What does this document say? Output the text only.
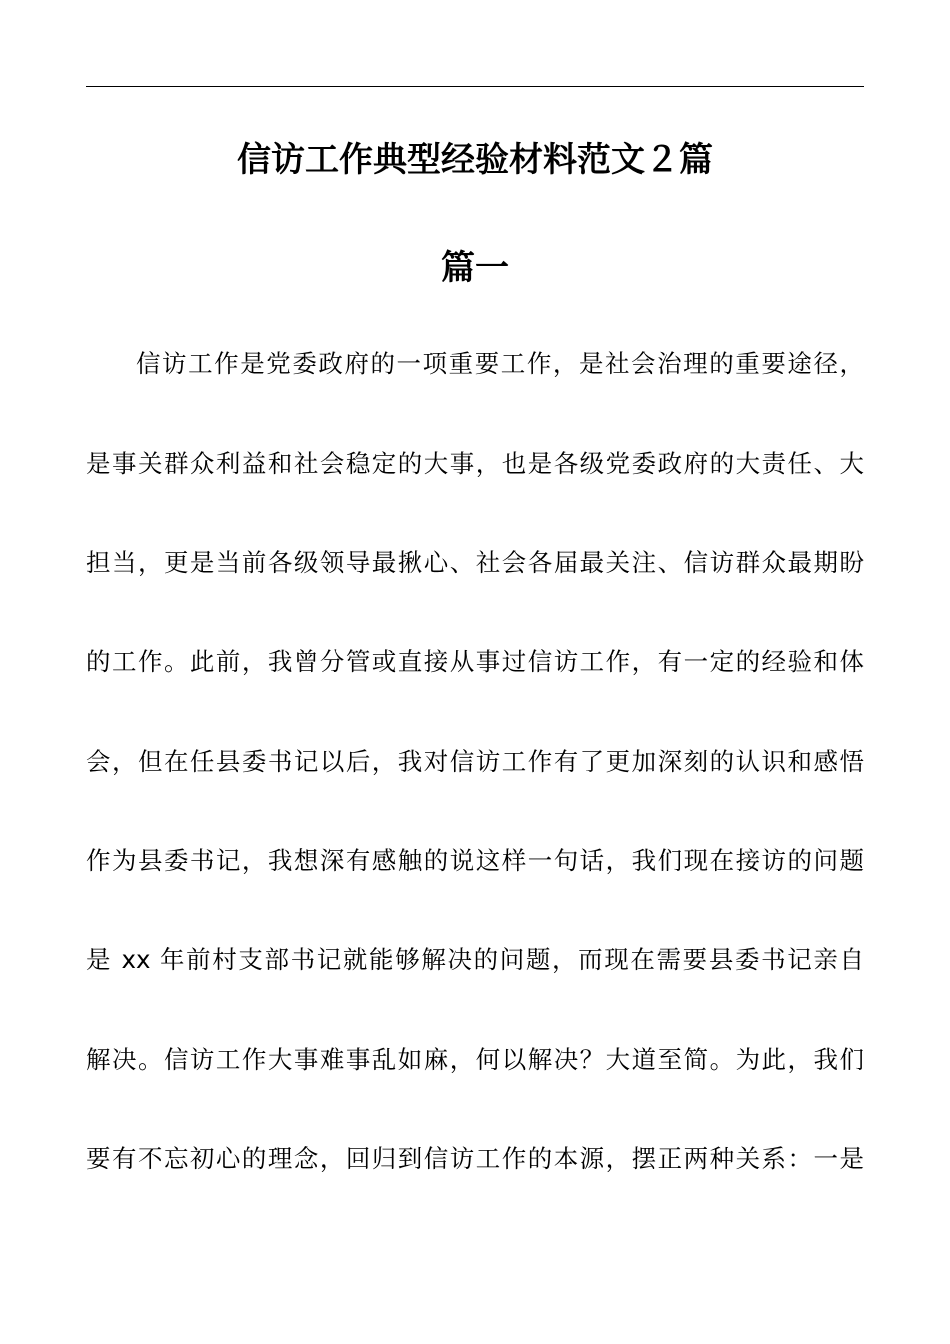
信访工作典型经验材料范文２篇
篇一
信访工作是党委政府的一项重要工作，是社会治理的重要途径，
是事关群众利益和社会稳定的大事，也是各级党委政府的大责任、大
担当，更是当前各级领导最揪心、社会各届最关注、信访群众最期盼
的工作。此前，我曾分管或直接从事过信访工作，有一定的经验和体
会，但在任县委书记以后，我对信访工作有了更加深刻的认识和感悟
作为县委书记，我想深有感触的说这样一句话，我们现在接访的问题
是 xx 年前村支部书记就能够解决的问题，而现在需要县委书记亲自
解决。信访工作大事难事乱如麻，何以解决？大道至简。为此，我们
要有不忘初心的理念，回归到信访工作的本源，摆正两种关系：一是
